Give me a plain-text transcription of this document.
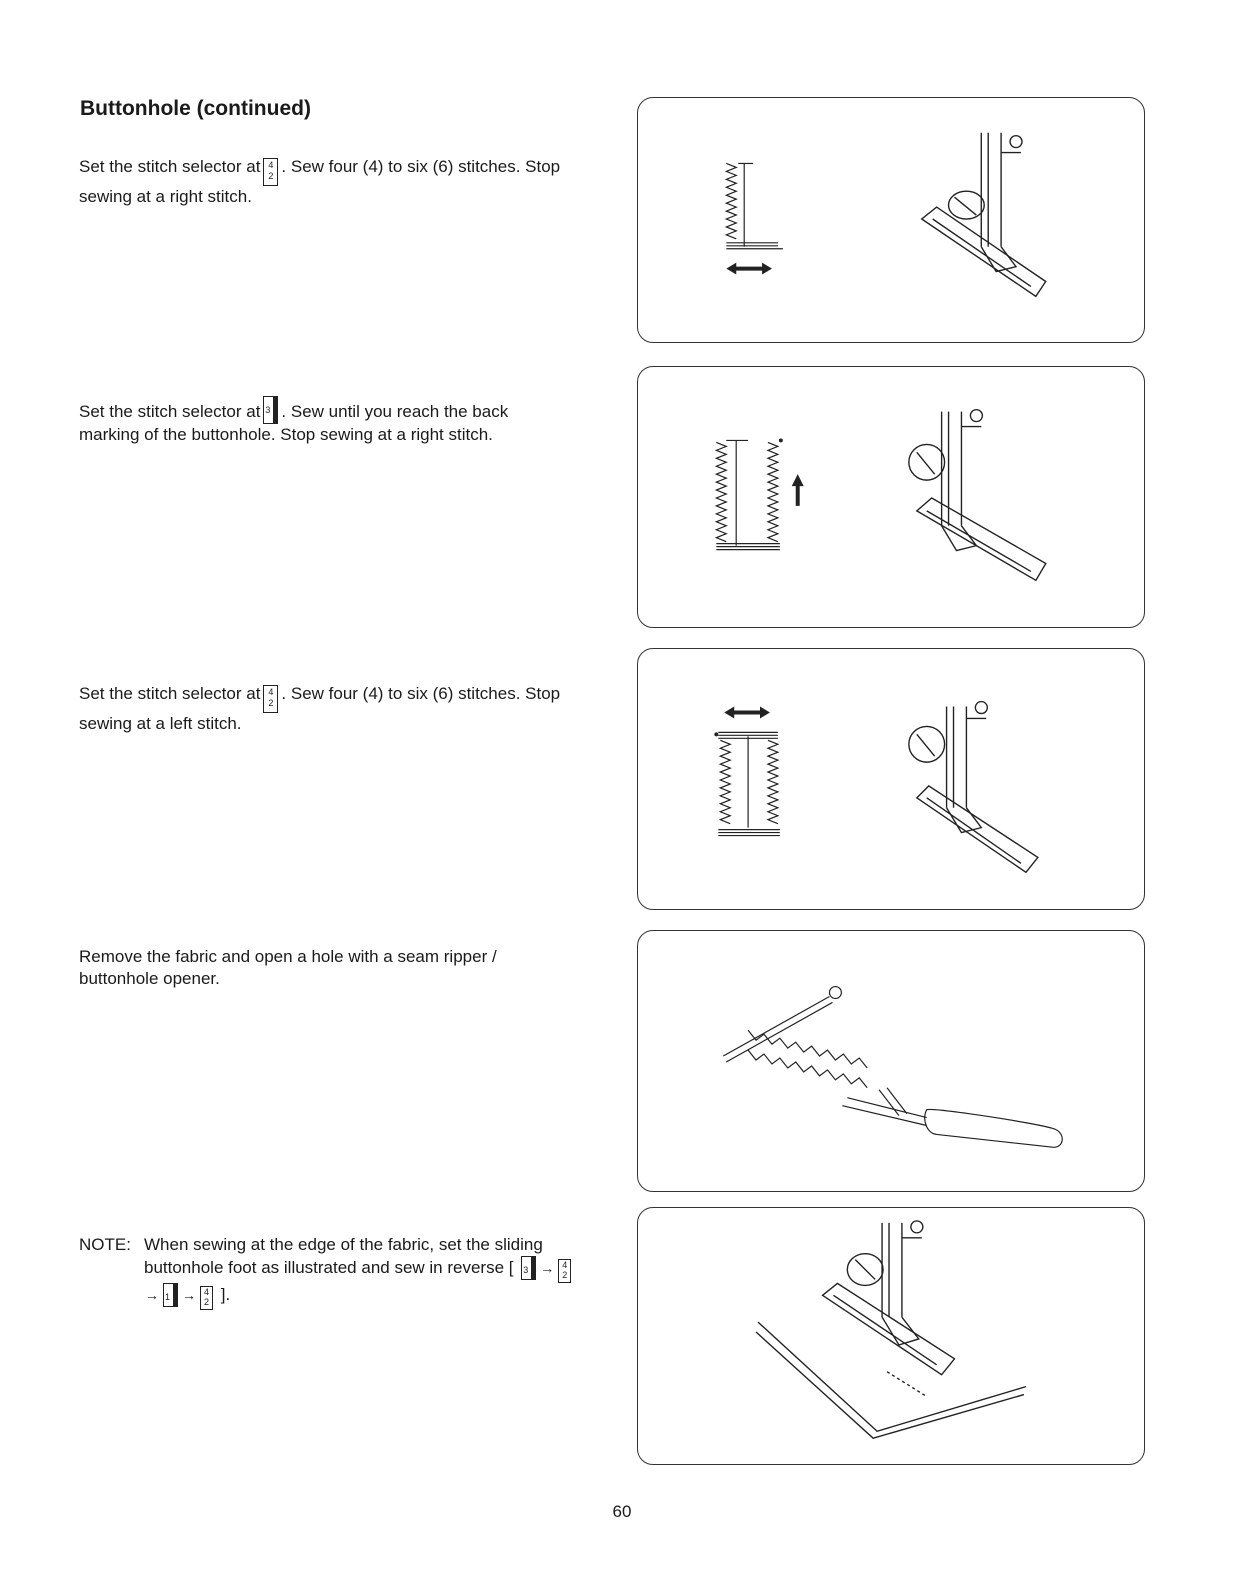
Buttonhole (continued)

Set the stitch selector at 4
2 . Sew four (4) to six (6) stitches. Stop sewing at a right stitch.

Set the stitch selector at 3 . Sew until you reach the back marking of the buttonhole. Stop sewing at a right stitch.

Set the stitch selector at 4
2 . Sew four (4) to six (6) stitches. Stop sewing at a left stitch.

Remove the fabric and open a hole with a seam ripper / buttonhole opener.

NOTE: When sewing at the edge of the fabric, set the sliding buttonhole foot as illustrated and sew in reverse [ 3 → 4
2
→ 1 → 4
2 ].
60
